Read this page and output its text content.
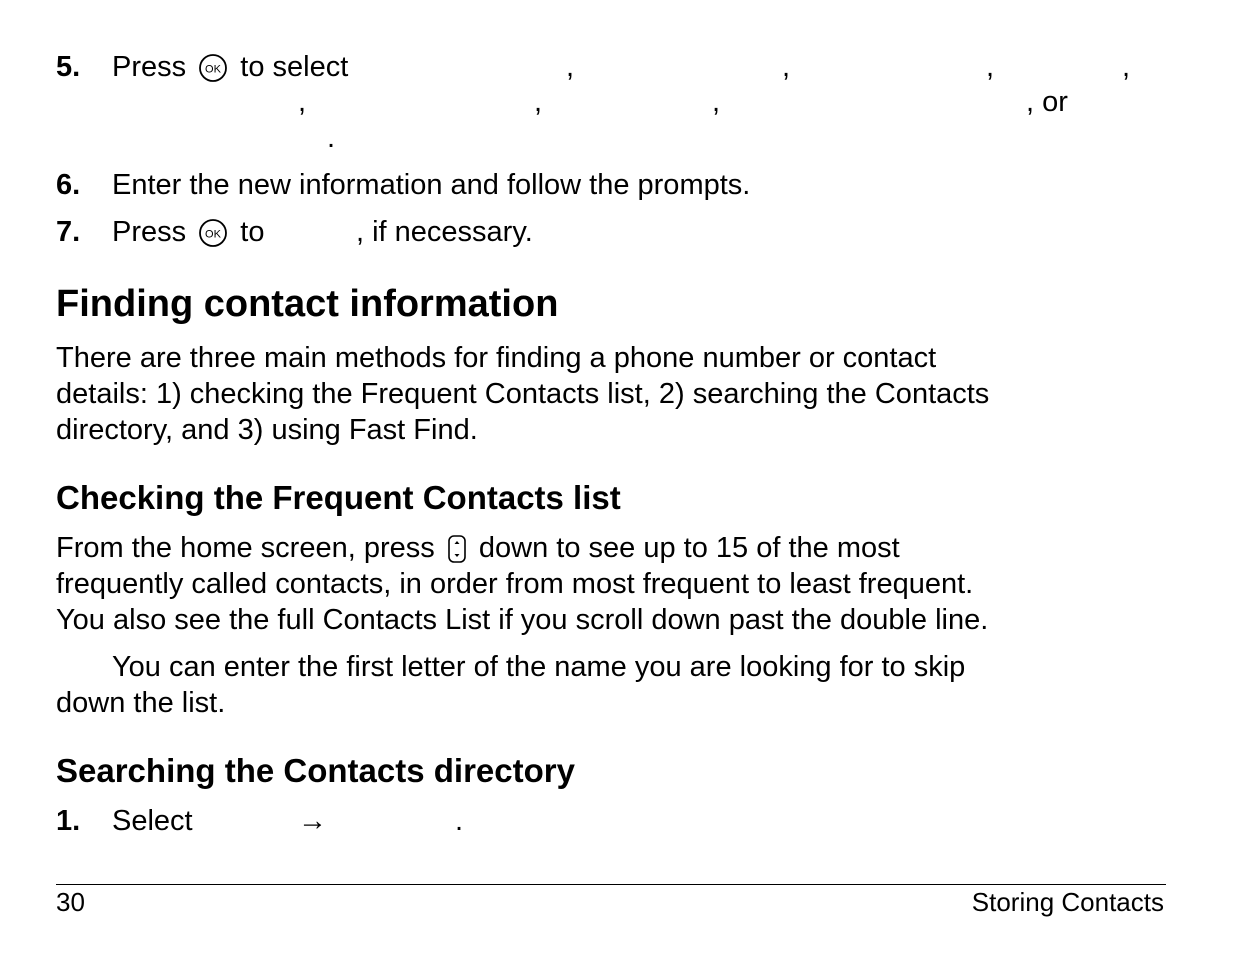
5. Press OK to select	,	,	,	,
,	,	,	, or
.
6. Enter the new information and follow the prompts.
7. Press OK to	, if necessary.
Finding contact information
There are three main methods for finding a phone number or contact
details: 1) checking the Frequent Contacts list, 2) searching the Contacts
directory, and 3) using Fast Find.
Checking the Frequent Contacts list
From the home screen, press down to see up to 15 of the most
frequently called contacts, in order from most frequent to least frequent.
You also see the full Contacts List if you scroll down past the double line.
You can enter the first letter of the name you are looking for to skip
down the list.
Searching the Contacts directory
1. Select	→	.
30	Storing Contacts
